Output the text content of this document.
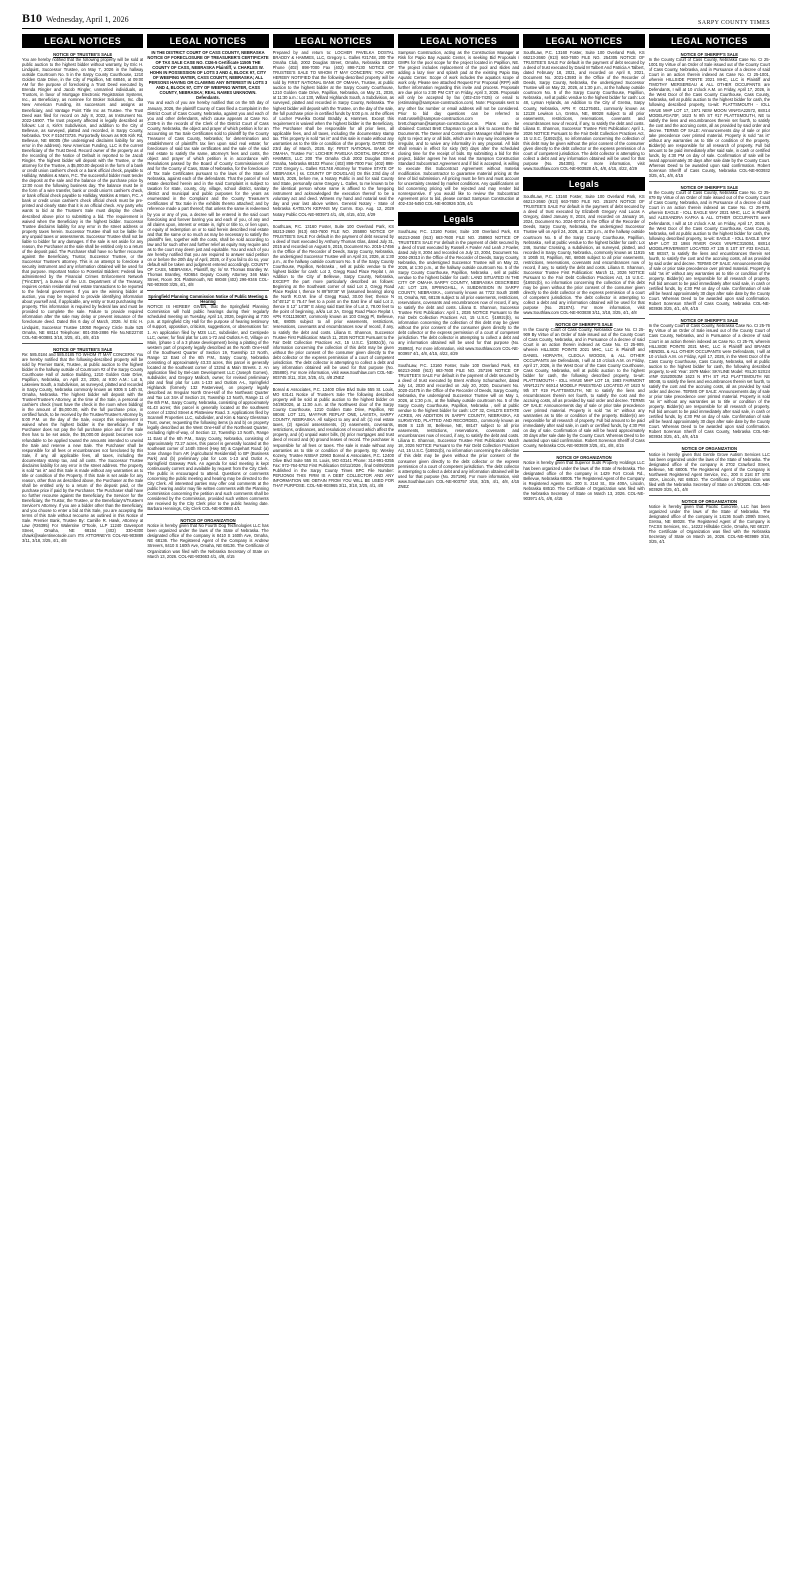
B10 Wednesday, April 1, 2026	SARPY COUNTY TIMES
LEGAL NOTICES
NOTICE OF TRUSTEE'S SALE

You are hereby notified that the following property will be sold at public auction to the highest bidder without warranty, by Eric H. Lindquist, Successor Trustee, on May 7, 2026 in the hallway outside Courtroom No. 5 in the Sarpy County Courthouse, 1210 Golden Gate Drive, in the City of Papillion, NE 68046, at 09:00 AM for the purpose of foreclosing a Trust Deed executed by Brenda Ringler and Jacob Ringler, unmarried individuals, as Trustors, in favor of Mortgage Electronic Registration Systems, Inc., as Beneficiary, as nominee for Broker Solutions, Inc. dba New American Funding, its successors and assigns as Beneficiary, and Vantage Point Title Inc as Trustee. The Trust Deed was filed for record on July 8, 2022, as Instrument No. 2022-16907. The trust property affected is legally described as follows: Lot 4, Kirk's Subdivision, and addition to the City of Bellevue, as surveyed, platted and recorded, in Sarpy County, Nebraska. TAX # 010473726. Purportedly known as 905 Kirk Rd, Bellevue, NE 68005 (the undersigned disclaims liability for any error in the address). New American Funding, LLC is the current Beneficiary of the Trust Deed. Record owner of the property as of the recording of the Notice of Default is reported to be Jacob Ringler. The highest bidder will deposit with the Trustee, or the attorney for the Trustee, a $5,000.00 deposit in the form of a bank or credit union cashier's check or a bank official check, payable to Halliday, Watkins & Mann, P.C. The successful bidder must tender the deposit at the sale and the balance of the purchase price by 12:00 noon the following business day. The balance must be in the form of a wire transfer, bank or credit union's cashier's check, or bank official check payable to Halliday, Watkins & Mann, P.C. A bank or credit union cashier's check official check must be pre-printed and clearly state that it is an official check. Any party who wants to bid at the Trustee's Sale must display the check described above prior to submitting a bid. The requirement is waived when the Beneficiary is the highest bidder. Successor Trustee disclaims liability for any error in the street address or property taxes herein. Successor Trustee shall not be liable for any unpaid taxes or assessments. Successor Trustee shall not be liable to bidder for any damages. If the sale is set aside for any reason, the Purchaser at the sale shall be entitled only to a return of the deposit paid. The Purchaser shall have no further recourse against the Beneficiary, Trustor, Successor Trustee, or the Successor Trustee's attorney. This is an attempt to foreclose a security instrument and any information obtained will be used for that purpose. Important Notice to Potential Bidders: Federal law administered by the Financial Crimes Enforcement Network ("FinCEN"), a bureau of the U.S. Department of the Treasury, requires certain residential real estate transactions to be reported to the federal government. If you are the winning bidder at auction, you may be required to provide identifying information about yourself and, if applicable, any entity or trust purchasing the property. This information is required by federal law and must be provided to complete the sale. Failure to provide required information after the sale may delay or prevent issuance of the foreclosure deed. Dated this 6 day of March, 2026. /s/ Eric H. Lindquist, Successor Trustee 10050 Regency Circle Suite 525 Omaha, NE 68114 Telephone: 801-355-2886 File No.NE22740 COL-NE-903881 3/18, 3/25, 4/1, 4/8, 4/15

NOTICE OF TRUSTEE'S SALE

Re: 585.0184 and 585.0185 TO WHOM IT MAY CONCERN: You are hereby notified that the following-described property will be sold by Premier Bank, Trustee, at public auction to the highest bidder in the hallway outside of Courtroom #2 of the Sarpy County Courthouse Hall of Justice Building, 1210 Golden Gate Drive, Papillion, Nebraska, on April 23, 2026, at 9:00 A.M.: Lot 5, Lakeview South, a Subdivision, as surveyed, platted and recorded in Sarpy County, Nebraska commonly known as 9305 S 14th St, Omaha, Nebraska. The highest bidder will deposit with the Trustee/Trustee's Attorney, at the time of the Sale, a personal or cashier's check (must have the check in the room when bidding) in the amount of $5,000.00, with the full purchase price, in certified funds, to be received by the Trustee/Trustee's Attorney by 5:00 P.M. on the day of the Sale, except this requirement is waived when the highest bidder is the Beneficiary. If the Purchaser does not pay the full purchase price and if the Sale then has to be set aside, the $5,000.00 deposit becomes non-refundable to be applied toward the amounts intended to unwind the Sale and reserve a new Sale. The Purchaser shall be responsible for all fees or encumbrances not foreclosed by this Sale, if any, all applicable fees, all taxes, including the documentary stamp tax, and all costs. The Successor Trustee disclaims liability for any error in the street address. The property is sold "as is" and this Sale is made without any warranties as to title or condition of the Property. If this Sale is set aside for any reason, other than as described above, the Purchaser at the Sale shall be entitled only to a return of the deposit paid, or the purchase price if paid by the Purchaser. The Purchaser shall have no further recourse against the Beneficiary, the Servicer for the Beneficiary, the Trustor, the Trustee, or the Beneficiary's/Trustee's Servicer's Attorney. If you are a bidder other than the Beneficiary, and you choose to enter a bid at this Sale, you are accepting the terms of this Sale without recourse as outlined in this Notice of Sale. Premier Bank, Trustee By: Camille R. Hawk, Attorney at Law (#26395) For Walentine O'Toole, LLP 11240 Davenport Street, Omaha, NE 68154 (402) 330-6300 chawk@walentineotoole.com ITS ATTORNEYS COL-NE-903889 3/11, 3/18, 3/25, 4/1, 4/8

LEGAL NOTICES
IN THE DISTRICT COURT OF CASS COUNTY, NEBRASKA NOTICE OF FORECLOSURE OF TREASURER'S CERTIFICATE OF TAX SALE CASE NO. CI26-5 Certificate 11505 THE COUNTY OF CASS, NEBRASKA Plaintiff, v. CHARLES W. HOHN IN POSSESSION OF LOTS 3 AND 4, BLOCK 97, CITY OF WEEPING WATER, CASS COUNTY, NEBRASKA; ALL PERSONS HAVING OR CLAIMING ANY INTEREST IN LOTS 3 AND 4, BLOCK 97, CITY OF WEEPING WATER, CASS COUNTY, NEBRASKA; REAL NAMES UNKNOWN. Defendants.

You and each of you are hereby notified that on the 5th day of January, 2026, the plaintiff County of Cass filed a Complaint in the District Court of Cass County, Nebraska, against you and each of you and other defendants, which cause appears at Case No. CI26-5 in the records of the Clerk of the District Court of Cass County, Nebraska, the object and prayer of which petition is for an accounting on Tax Sale Certificates sold to plaintiff by the County Treasurer of Cass County, Nebraska; for determination and establishment of plaintiff's tax lien upon said real estate; for foreclosure of said tax sale certificates and the sale of the said real estate to satisfy the same, attorney's fees and costs, the object and prayer of which petition is in accordance with Resolutions passed by the Board of County Commissioners of and for the County of Cass, State of Nebraska, for the foreclosure of Tax Sale Certificates pursuant to the laws of the State of Nebraska, against each of the defendants. That the parcel of real estate described herein and in the said Complaint is subject to taxation for state, county, city, village, school district, sanitary district and municipal and public purposes for the years as enumerated in the Complaint and the County Treasurer's Certificates of Tax Sale in the exhibits thereto attached; and by reference made a part thereof; that unless the same is redeemed by you or any of you, a decree will be entered in the said court foreclosing and forever barring you and each of you, of any and all claims upon, interest or estate in, right or title to, or lien upon, or equity of redemption on or to said herein described real estate and that the same or so much as may be necessary to satisfy the plaintiff's lien, together with the costs, shall be sold according to law and for such other and further relief as equity may require and as to the court may deem just and equitable. You and each of you are hereby notified that you are required to answer said petition on or before the 20th day of April, 2026, or if you fail to do so, your default will be taken and judgment entered accordingly. COUNTY OF CASS, NEBRASKA, Plaintiff, By: /s/ W. Thomas Brantley W. Thomas Brantley, #20654 Deputy County Attorney 346 Main Street, Room 301 Plattsmouth, NE 68048 (402) 296-9346 COL-NE-903930 3/25, 4/1, 4/8

Springfield Planning Commission Notice of Public Meeting & Hearing

NOTICE IS HEREBY GIVEN, that the Springfield Planning Commission will hold public hearings during their regularly scheduled meeting on Tuesday, April 14, 2026, beginning at 7:00 p.m. at Springfield City Hall for the purpose of hearing testimony of support, opposition, criticism, suggestions, or observations for: 1. An application filed by M2S LLC, subdivider, and Centipede LLC, owner, for final plat for Lots 1-72 and Outlots A-G, Village on Main, (phase 1 of a 3 phase development) being a platting of the western part of property legally described as the North One-Half of the Southwest Quarter of Section 19, Township 13 North, Range 12 East of the 6th P.M., Sarpy County, Nebraska consisting of approximately 43.33 acres, this parcel is generally located at the southeast corner of 132nd & Main Streets. 2. An application filed by Bel-cam Development LLC (Joseph Gomes), subdivider, and Gregory Malloch, owner, for revised preliminary plat and final plat for Lots 1-133 and Outlots A-L, Springfield Highlands (formerly 132 Pasterview), on property legally described as Irregular North One-Half of the Northeast Quarter and Tax Lot 34A of Section 24, Township 13 North, Range 11 of the 6th P.M., Sarpy County, Nebraska, consisting of approximately 61.43 acres; this parcel is generally located at the southwest corner of 132nd Street & Platteview Road. 3. Applications filed by Scannell Properties LLC, subdivider, and Kim & Nancy Glessman Trust, owner, requesting the following items (a and b) on property legally described as the West One-Half of the Northeast Quarter, excluding right-of-way, of Section 12, Township 13 North, Range 11 East of the 6th P.M., Sarpy County, Nebraska, consisting of approximately 72.27 acres, this parcel is generally located at the southeast corner of 144th Street (Hwy 50) & Capehart Road: (a) zone change from AR (Agricultural Residential) to BP (Business Park) and (b) preliminary plat for Lots 1-13 and Outlot A, Springfield Gateway Park. An agenda for said meeting is kept continuously current and available by request from the City Clerk. The public is encouraged to attend. Questions or comments concerning the public meeting and hearing may be directed to the City Clerk. All interested parties may offer oral comments at the public hearing and/or may file written comments with the Planning Commission concerning the petition and such comments shall be considered by the Commission, provided such written comments are received by the City Clerk prior to the public hearing date. Barbara Hennings, City Clerk COL-NE-903984 4/1

NOTICE OF ORGANIZATION

Notice is hereby given that No Fourth Dog Technologies LLC has been organized under the laws of the State of Nebraska. The designated office of the company is 8410 S 160th Ave, Omaha, NE 68136. The Registered Agent of the Company is Andrew Strevers, 8410 S 160th Ave, Omaha, NE 68136. The Certificate of Organization was filed with the Nebraska Secretary of State on March 13, 2026. COL-NE-903663 4/1, 4/8, 4/15

LEGAL NOTICES

Prepared by and return to: LOCHER PAVELKA DOSTAL BRADDY & HAMMES, LLC, Gregory L. Galles #21748, 200 The Omaha Club, 2002 Douglas Street, Omaha, Nebraska 68102 Phone (402) 898-7000 Fax (402) 898-7130 NOTICE OF TRUSTEE'S SALE TO WHOM IT MAY CONCERN: YOU ARE HEREBY NOTIFIED that the following-described property will be sold by FIRST NATIONAL BANK OF OMAHA, Trustee, at public auction to the highest bidder at the Sarpy County Courthouse, 1210 Golden Gate Drive, Papillion, Nebraska, on May 21, 2026, at 11:30 a.m.: Lot 130, Willard Highlands South, a Subdivision, as surveyed, platted and recorded in Sarpy County, Nebraska. The highest bidder will deposit with the Trustee, on the day of the sale, the full purchase price in certified funds by 5:00 p.m. at the offices of Locher Pavelka Dostal Braddy & Hammes. Except this requirement is waived when the highest bidder is the Beneficiary. The Purchaser shall be responsible for all prior liens, all applicable fees, and all taxes, including the documentary stamp tax. This property is sold "as is" and this sale is made without any warranties as to the title or condition of the property. DATED this 23rd day of March, 2026. By: FIRST NATIONAL BANK OF OMAHA, Trustee For: LOCHER PAVELKA DOSTAL BRADDY & HAMMES, LLC 200 The Omaha Club 2002 Douglas Street Omaha, Nebraska 68102 Phone: (402) 898-7000 Fax: (402) 898-7130 Gregory L. Galles #21748 Attorney for Trustee STATE OF NEBRASKA ) ss. COUNTY OF DOUGLAS) On this 23rd day of March, 2026, before me, a Notary Public in and for said County and State, personally came Gregory L. Galles, to me known to be the identical person whose name is affixed to the foregoing instrument and acknowledged the execution thereof to be a voluntary act and deed. Witness my hand and notarial seal the day and year last above written. General Notary - State of Nebraska KATELYN KEPANS My Comm. Exp. Aug. 12, 2029 Notary Public COL-NE-903973 4/1, 4/8, 4/15, 4/22, 4/29

SouthLaw, P.C. 13160 Foster, Suite 100 Overland Park, KS 66213-2660 (913) 663-7600 FILE NO. 255880 NOTICE OF TRUSTEE'S SALE For default in the payment of debt secured by a deed of trust executed by Anthony Thomas Glas, dated July 31, 2015 and recorded on August 5, 2015, Document No. 2015-17456 in the Office of the Recorder of Deeds, Sarpy County, Nebraska, the undersigned Successor Trustee will on April 24, 2026, at 1:30 p.m., at the hallway outside courtroom No. 5 of the Sarpy County Courthouse, Papillion, Nebraska , sell at public vendue to the highest bidder for cash: Lot 2, Gregg Road Place Replat I, an Addition to the City of Bellevue, Sarpy County, Nebraska, EXCEPT the part more particularly described as follows: Beginning at the Southeast corner of said Lot 2, Gregg Road Place Replat I, thence N 89°59'38" W (assumed bearing) along the North R.O.W. line of Gregg Road, 30.00 feet; thence N 04°45'12" E 75.47 feet to a point on the East line of said Lot 2, thence S 12° 14'38" E along said East line of Lot 2, 78.00 feet to the point of beginning, a/k/a Lot 2A, Gregg Road Place Replat I, APN #:011136087, commonly known as 103 Gregg Pl, Bellevue, NE, 68005 subject to all prior easements, restrictions, reservations, covenants and encumbrances now of record, if any, to satisfy the debt and costs. Liliana E. Shannon, Successor Trustee First Publication: March 11, 2026 NOTICE Pursuant to the Fair Debt Collection Practices Act, 15 U.S.C. §1692c(b), no information concerning the collection of this debt may be given without the prior consent of the consumer given directly to the debt collector or the express permission of a court of competent jurisdiction. The debt collector is attempting to collect a debt and any information obtained will be used for that purpose (No. 255880). For more information, visit www.Southlaw.com COL-NE-903745 3/11, 3/18, 3/25, 4/1, 4/8 ZNEZ

Boreal & Associates, P.C. 12400 Olive Blvd Suite 555 St. Louis, MO 63141 Notice of Trustee's Sale The following described property will be sold at public auction to the highest bidder on 04/29/2026, at 11:00 a.m. at the Northwest door of the Sarpy County Courthouse, 1210 Golden Gate Drive, Papillion, NE 68046: LOT 121, MAYFAIR REPLAT ONE, LAVISTA, SARPY COUNTY, NEBRASKA. All subject to any and all: (1) real estate taxes, (2) special assessments, (3) easements, covenants, restrictions, ordinances, and resolutions of record which affect the property, and (4) unpaid water bills, (5) prior mortgages and trust deed of record and (6) ground leases of record. The purchaser is responsible for all fees or taxes. The sale is made without any warranties as to title or condition of the property. By: Wesley Kozeny, Trustee NSBA# 22963 Boreal & Associates, P.C. 12400 Olive Blvd Suite 555 St. Louis, MO 63141 Phone: 314-991-0255 Fax: 972-764-5752 First Publication 03/11/2026 , final 04/08/2026 Published in the Sarpy County Times BPC File Number: PERJON04 THIS FIRM IS A DEBT COLLECTOR AND ANY INFORMATION WE OBTAIN FROM YOU WILL BE USED FOR THAT PURPOSE. COL-NE-903965 3/11, 3/18, 3/25, 4/1, 4/8

LEGAL NOTICES

Sampson Construction, acting as the Construction Manager at Risk for Papio Bay Aquatic Center, is seeking Bid Proposals / GMPs for the pool scope for the project located in Papillion, NE. The project includes replacement of the pool and slides and adding a lazy river and splash pad at the existing Papio Bay Aquatic Center. Scope of work includes the aquatics scope of work only. Please see attached Request For Proposal (RFP) with further information regarding this invite and process. Proposals are due prior to 2:00 PM CST on Friday, April 3, 2026. Proposals will only be accepted by fax (402-434-7425) or email to (estimating@sampson-construction.com). Note: Proposals sent to any other fax number or email address will not be considered. Prior to bid day questions can be referred to matt.russell@sampson-construction.com or brett.chapman@sampson-construction.com. Plans can be obtained: Contact Brett Chapman to get a link to access the Bid Documents. The Owner and Construction Manager shall have the right to reject any or all bids, which are in any way incomplete or irregular, and to waive any informality in any proposal. All bids shall remain in effect for sixty (60) days after the scheduled closing time for the receipt of bids. By submitting a bid for this project, bidder agrees he has read the Sampson Construction Standard Subcontract Agreement and if bid is accepted, is willing to execute this Subcontract Agreement without material modification. Subcontractor to guarantee material pricing at the time of bid submission. All pricing must be firm and must account for uncertainty created by market conditions. Any qualifications on bid concerning pricing will be rejected and may render bid nonresponsive. If you would like to review the Subcontract Agreement prior to bid, please contact Sampson Construction at 402-434-5450 COL-NE-903926 3/25, 4/1

Legals

SouthLaw, P.C. 13160 Foster, Suite 100 Overland Park, KS 66213-2660 (913) 663-7600 FILE NO. 258963 NOTICE OF TRUSTEE'S SALE For default in the payment of debt secured by a deed of trust executed by Russell A Fowler And Leah J Fowler, dated July 8, 2004 and recorded on July 13, 2004, Document No. 2004-29313 in the Office of the Recorder of Deeds, Sarpy County, Nebraska, the undersigned Successor Trustee will on May 22, 2026, at 1:30 p.m., at the hallway outside courtroom No. 5 of the Sarpy County Courthouse, Papillion, Nebraska , sell at public vendue to the highest bidder for cash: LAND SITUATED IN THE CITY OF OMAHA SARPY COUNTY, NEBRASKA DESCRIBED AS: LOT 129, SPRINGHILL, A SUBDIVISION IN SARPY COUNTY, NEBRASKA., commonly known as 7722 South 159th St, Omaha, NE, 68136 subject to all prior easements, restrictions, reservations, covenants and encumbrances now of record, if any, to satisfy the debt and costs. Liliana E. Shannon, Successor Trustee First Publication: April 1, 2026 NOTICE Pursuant to the Fair Debt Collection Practices Act, 15 U.S.C. §1692c(b), no information concerning the collection of this debt may be given without the prior consent of the consumer given directly to the debt collector or the express permission of a court of competent jurisdiction. The debt collector is attempting to collect a debt and any information obtained will be used for that purpose (No. 258963). For more information, visit www.Southlaw.com COL-NE-903957 4/1, 4/8, 4/15, 4/22, 4/29

SouthLaw, P.C. 13160 Foster, Suite 100 Overland Park, KS 66213-2660 (913) 663-7600 FILE NO. 257196 NOTICE OF TRUSTEE'S SALE For default in the payment of debt secured by a deed of trust executed by Brent Anthony Schumacher, dated July 14, 2020 and recorded on July 20, 2020, Document No. 2020-21475 in the Office of the Recorder of Deeds, Sarpy County, Nebraska, the undersigned Successor Trustee will on May 1, 2026, at 1:30 p.m., at the hallway outside courtroom No. 5 of the Sarpy County Courthouse, Papillion, Nebraska , sell at public vendue to the highest bidder for cash: LOT 32, CHILD'S ESTATE ACRES, AN ADDITION IN SARPY COUNTY, NEBRASKA, AS SURVEYED, PLATTED AND RECORDED., commonly known as 8508 S 11th St, Bellevue, NE, 68147 subject to all prior easements, restrictions, reservations, covenants and encumbrances now of record, if any, to satisfy the debt and costs. Liliana E. Shannon, Successor Trustee First Publication: March 18, 2026 NOTICE Pursuant to the Fair Debt Collection Practices Act, 15 U.S.C. §1692c(b), no information concerning the collection of this debt may be given without the prior consent of the consumer given directly to the debt collector or the express permission of a court of competent jurisdiction. The debt collector is attempting to collect a debt and any information obtained will be used for that purpose (No. 257196). For more information, visit www.Southlaw.com COL-NE-903757 3/18, 3/25, 4/1, 4/8, 4/15 ZNEZ

LEGAL NOTICES

SouthLaw, P.C. 13160 Foster, Suite 100 Overland Park, KS 66213-2660 (913) 663-7600 FILE NO. 254305 NOTICE OF TRUSTEE'S SALE For default in the payment of debt secured by a deed of trust executed by David M Talbert And Patricia A Talbert, dated February 18, 2021, and recorded on April 8, 2021, Document No. 2021-13593 in the Office of the Recorder of Deeds, Sarpy County, Nebraska, the undersigned Successor Trustee will on May 22, 2026, at 1:30 p.m., at the hallway outside courtroom No. 5 of the Sarpy County Courthouse, Papillion, Nebraska , sell at public vendue to the highest bidder for cash: Lot 48, Lyman Hylands, an Addition to the City of Gretna, Sarpy County, Nebraska, APN #: 011276461, commonly known as 12128 Lewison Ln, Gretna, NE, 68028 subject to all prior easements, restrictions, reservations, covenants and encumbrances now of record, if any, to satisfy the debt and costs. Liliana E. Shannon, Successor Trustee First Publication: April 1, 2026 NOTICE Pursuant to the Fair Debt Collection Practices Act, 15 U.S.C. §1692c(b), no information concerning the collection of this debt may be given without the prior consent of the consumer given directly to the debt collector or the express permission of a court of competent jurisdiction. The debt collector is attempting to collect a debt and any information obtained will be used for that purpose (No. 254305). For more information, visit www.Southlaw.com COL-NE-903928 4/1, 4/8, 4/15, 4/22, 4/29

Legals

SouthLaw, P.C. 13160 Foster, Suite 100 Overland Park, KS 66213-2660 (913) 663-7600 FILE NO. 251874 NOTICE OF TRUSTEE'S SALE For default in the payment of debt secured by a deed of trust executed by Elizabeth Gregory And Lucas A Gregory, dated January 8, 2024, and recorded on January 16, 2024, Document No. 2024-00714 in the Office of the Recorder of Deeds, Sarpy County, Nebraska, the undersigned Successor Trustee will on April 24, 2026, at 1:30 p.m., at the hallway outside courtroom No. 5 of the Sarpy County Courthouse, Papillion, Nebraska , sell at public vendue to the highest bidder for cash: Lot 246, Sumtur Crossing, a subdivision, as surveyed, platted, and recorded in Sarpy County, Nebraska., commonly known as 11915 S 106th St, Papillion, NE, 68046 subject to all prior easements, restrictions, reservations, covenants and encumbrances now of record, if any, to satisfy the debt and costs. Liliana E. Shannon, Successor Trustee First Publication: March 11, 2026 NOTICE Pursuant to the Fair Debt Collection Practices Act, 15 U.S.C. §1692c(b), no information concerning the collection of this debt may be given without the prior consent of the consumer given directly to the debt collector or the express permission of a court of competent jurisdiction. The debt collector is attempting to collect a debt and any information obtained will be used for that purpose (No. 251874). For more information, visit www.Southlaw.com COL-NE-903838 3/11, 3/18, 3/25, 4/1, 4/8

NOTICE OF SHERIFF'S SALE

In the County Court of Cass County, Nebraska Case No. CI 25-909 By Virtue of an Order of Sale issued out of the County Court of Cass County, Nebraska, and in Pursuance of a decree of said Court in an action therein indexed as Case No. CI 25-909, wherein HILLSIDE POINTE 2021 MHC, LLC is Plaintiff and DANIEL HORVATH, CLEOLA WOODS, & ALL OTHER OCCUPANTS are Defendants, I will at 10 o'clock A.M. on Friday, April 17, 2026, in the West Door of the Cass County Courthouse, Cass County, Nebraska, sell at public auction to the highest bidder for cash, the following described property, to-wit: PLATTSMOUTH - IOLL HIVUE MHP LOT 19, 1983 FAIRMONT VIN#1217V 66X14 MODEL# PINESTEAD LOCATED AT 1623 N 9th ST #19 PLATTSMOUTH, NE to satisfy the liens and encumbrances therein set fourth, to satisfy the cost and the accruing costs, all as provided by said order and decree. TERMS OF SALE: Announcements day of sale or prior take precedence over printed material. Property is sold "as is" without any warranties as to title or condition of the property. Bidder(s) are responsible for all research of property. Full bid amount to be paid immediately after said sale, in cash or certified funds, by 4:30 PM on day of sale. Confirmation of sale will be heard approximately 30 days after sale date by the County Court. Whereas Deed to be awarded upon said confirmation. Robert Sorenson Sheriff of Cass County, Nebraska COL-NE-903939 3/25, 4/1, 4/8, 4/15

NOTICE OF ORGANIZATION

Notice is hereby given that Superior Suds Property Holdings LLC has been organized under the laws of the State of Nebraska. The designated office of the company is 1429 Fort Crook Rd., Bellevue, Nebraska 68005. The Registered Agent of the Company is Registered Agents Inc. 200 S. 21st St., Ste 400A, Lincoln, Nebraska 68510. The Certificate of Organization was filed with the Nebraska Secretary of State on March 13, 2026. COL-NE-903971 4/1, 4/8, 4/15

LEGAL NOTICES
NOTICE OF SHERIFF'S SALE

In the County Court of Cass County, Nebraska Case No. CI 25-1001 By Virtue of an Order of Sale issued out of the County Court of Cass County, Nebraska, and in Pursuance of a decree of said Court in an action therein indexed as Case No. CI 25-1001, wherein HILLSIDE POINTE 2021 MHC, LLC is Plaintiff and TIMOTHY MERSEREAU & ALL OTHER OCCUPANTS are Defendants, I will at 10 o'clock A.M. on Friday, April 17, 2026, in the West Door of the Cass County Courthouse, Cass County, Nebraska, sell at public auction to the highest bidder for cash, the following described property, to-wit: PLATTSMOUTH - IOLL HIVUE MHP LOT 17, 1971 NEW MOON VIN#GA22572, 68X14 MODEL#GA70F, 1623 N 9th ST #17 PLATTSMOUTH, NE to satisfy the liens and encumbrances therein set fourth, to satisfy the cost and the accruing costs, all as provided by said order and decree. TERMS OF SALE: Announcements day of sale or prior take precedence over printed material. Property is sold "as is" without any warranties as to title or condition of the property. Bidder(s) are responsible for all research of property. Full bid amount to be paid immediately after said sale, in cash or certified funds, by 4:30 PM on day of sale. Confirmation of sale will be heard approximately 30 days after sale date by the County Court. Whereas Deed to be awarded upon said confirmation. Robert Sorenson Sheriff of Cass County, Nebraska COL-NE-903932 3/25, 4/1, 4/8, 4/15

NOTICE OF SHERIFF'S SALE

In the County Court of Cass County, Nebraska Case No. CI 25-879 By Virtue of an Order of Sale issued out of the County Court of Cass County, Nebraska, and in Pursuance of a decree of said Court in an action therein indexed as Case No. CI 25-879, wherein EAGLE - IOLL EAGLE WAY 2021 MHC, LLC is Plaintiff and ALEXANDRA KAFKA & ALL OTHER OCCUPANTS were Defendants, I will at 10 o'clock A.M. on Friday, April 17, 2026, in the West Door of the Cass County Courthouse, Cass County, Nebraska, sell at public auction to the highest bidder for cash, the following described property, to-wit: EAGLE - IOLL EAGLE WAY MHP LOT 33 1984 RIVER OAKS VIN#RC315004, 68X14 MODEL#RIVERMIST LOCATED AT 135 S 1ST ST #33 EAGLE, NE 68347, to satisfy the liens and encumbrances therein set fourth, to satisfy the cost and the accruing costs, all as provided by said order and decree. TERMS OF SALE: Announcements day of sale or prior take precedence over printed material. Property is sold "as is" without any warranties as to title or condition of the property. Bidder(s) are responsible for all research of property. Full bid amount to be paid immediately after said sale, in cash or certified funds, by 4:30 PM on day of sale. Confirmation of sale will be heard approximately 30 days after sale date by the County Court. Whereas Deed to be awarded upon said confirmation. Robert Sorenson Sheriff of Cass County, Nebraska COL-NE-903936 3/25, 4/1, 4/8, 4/15

NOTICE OF SHERIFF'S SALE

In the County Court of Cass County, Nebraska Case No. CI 25-76 By Virtue of an Order of Sale issued out of the County Court of Cass County, Nebraska, and in Pursuance of a decree of said Court in an action therein indexed as Case No. CI 25-76, wherein HILLSIDE POINTE 2021 MHC, LLC is Plaintiff and BRANDI HENDEL & ALL OTHER OCCUPANTS were Defendants, I will at 10 o'clock A.M. on Friday, April 17, 2026, in the West Door of the Cass County Courthouse, Cass County, Nebraska, sell at public auction to the highest bidder for cash, the following described property, to-wit: Year: 1979 Make: SKYLINE Model: #SL20 52X24 VIN# 01520053M 1623 N 9TH ST #12 PLATTSMOUTH NE 68048, to satisfy the liens and encumbrances therein set fourth, to satisfy the cost and the accruing costs, all as provided by said order and decree. TERMS OF SALE: Announcements day of sale or prior take precedence over printed material. Property is sold "as is" without any warranties as to title or condition of the property. Bidder(s) are responsible for all research of property. Full bid amount to be paid immediately after said sale, in cash or certified funds, by 4:30 PM on day of sale. Confirmation of sale will be heard approximately 30 days after sale date by the County Court. Whereas Deed to be awarded upon said confirmation. Robert Sorenson Sheriff of Cass County, Nebraska COL-NE-903934 3/25, 4/1, 4/8, 4/15

NOTICE OF ORGANIZATION

Notice is hereby given that Gentle Grove Autism Services LLC has been organized under the laws of the State of Nebraska. The designated office of the company is 2702 Crawford Street, Bellevue, NE 68005. The Registered Agent of the Company is Northwest Registered Agent Service, Inc., 200 S 21st ST STE 400A, Lincoln, NE 68510. The Certificate of Organization was filed with the Nebraska Secretary of State on 2/6/2026. COL-NE-903929 3/25, 4/1, 4/8

NOTICE OF ORGANIZATION

Notice is hereby given that Pacific Concrete, LLC has been organized under the laws of the State of Nebraska. The designated office of the company is 14136 South 209th Street, Gretna, NE 68028. The Registered Agent of the Company is TACSS Services, Inc., 14222 Hillsdale Circle, Omaha, NE 68137. The Certificate of Organization was filed with the Nebraska Secretary of State on March 16, 2026. COL-NE-903989 3/18, 3/25, 4/1
